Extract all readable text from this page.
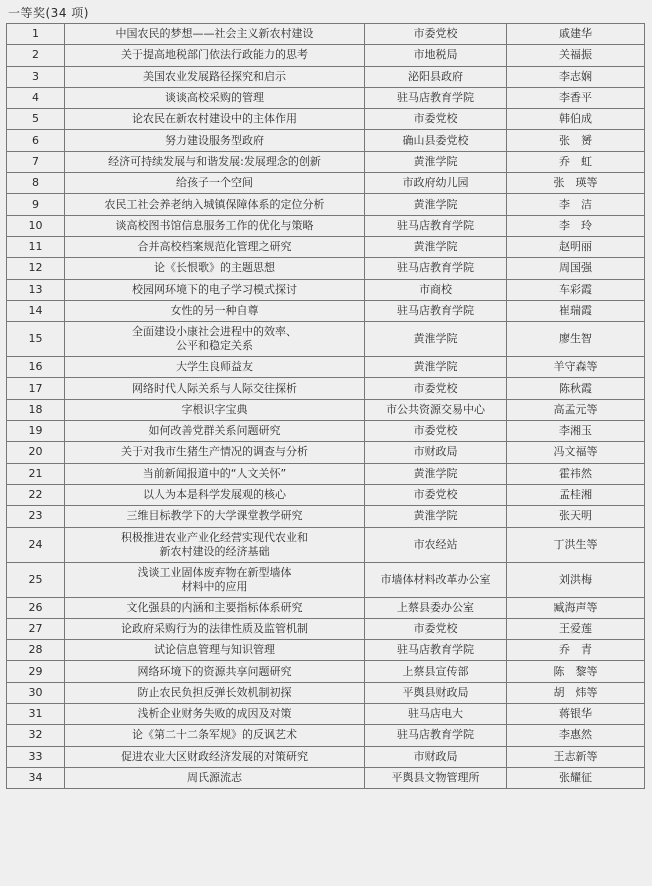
一等奖(34 项)
1	中国农民的梦想——社会主义新农村建设	市委党校	戚建华
2	关于提高地税部门依法行政能力的思考	市地税局	关福振
3	美国农业发展路径探究和启示	泌阳县政府	李志娴
4	谈谈高校采购的管理	驻马店教育学院	李香平
5	论农民在新农村建设中的主体作用	市委党校	韩伯成
6	努力建设服务型政府	确山县委党校	张　赟
7	经济可持续发展与和谐发展:发展理念的创新	黄淮学院	乔　虹
8	给孩子一个空间	市政府幼儿园	张　瑛等
9	农民工社会养老纳入城镇保障体系的定位分析	黄淮学院	李　洁
10	谈高校图书馆信息服务工作的优化与策略	驻马店教育学院	李　玲
11	合并高校档案规范化管理之研究	黄淮学院	赵明丽
12	论《长恨歌》的主题思想	驻马店教育学院	周国强
13	校园网环境下的电子学习模式探讨	市商校	车彩霞
14	女性的另一种自尊	驻马店教育学院	崔瑞霞
15	全面建设小康社会进程中的效率、
公平和稳定关系	黄淮学院	廖生智
16	大学生良师益友	黄淮学院	羊守森等
17	网络时代人际关系与人际交往探析	市委党校	陈秋霞
18	字根识字宝典	市公共资源交易中心	高孟元等
19	如何改善党群关系问题研究	市委党校	李湘玉
20	关于对我市生猪生产情况的调查与分析	市财政局	冯文福等
21	当前新闻报道中的“人文关怀”	黄淮学院	霍祎然
22	以人为本是科学发展观的核心	市委党校	孟桂湘
23	三维目标教学下的大学课堂教学研究	黄淮学院	张天明
24	积极推进农业产业化经营实现代农业和
新农村建设的经济基础	市农经站	丁洪生等
25	浅谈工业固体废弃物在新型墙体
材料中的应用	市墙体材料改革办公室	刘洪梅
26	文化强县的内涵和主要指标体系研究	上蔡县委办公室	臧海声等
27	论政府采购行为的法律性质及监管机制	市委党校	王爱莲
28	试论信息管理与知识管理	驻马店教育学院	乔　青
29	网络环境下的资源共享问题研究	上蔡县宣传部	陈　黎等
30	防止农民负担反弹长效机制初探	平舆县财政局	胡　炜等
31	浅析企业财务失败的成因及对策	驻马店电大	蒋银华
32	论《第二十二条军规》的反讽艺术	驻马店教育学院	李惠然
33	促进农业大区财政经济发展的对策研究	市财政局	王志新等
34	周氏源流志	平舆县文物管理所	张耀征
